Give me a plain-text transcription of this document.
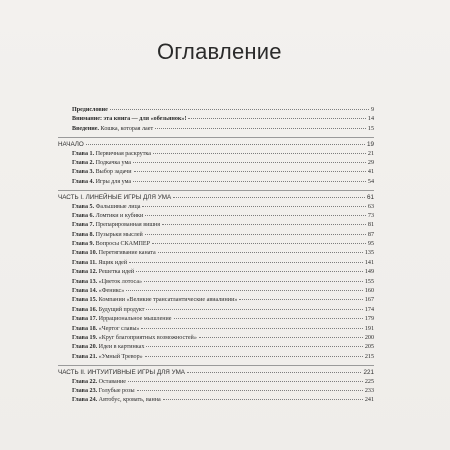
Оглавление
Предисловие	9
Внимание: эта книга — для «обезьянок»!	14
Введение. Кошка, которая лает	15
НАЧАЛО	19
Глава 1. Первичная раскрутка	21
Глава 2. Подкачка ума	29
Глава 3. Выбор задачи	41
Глава 4. Игры для ума	54
ЧАСТЬ I. ЛИНЕЙНЫЕ ИГРЫ ДЛЯ УМА	61
Глава 5. Фальшивые лица	63
Глава 6. Ломтики и кубики	73
Глава 7. Препарированная вишня	81
Глава 8. Пузырьки мыслей	87
Глава 9. Вопросы СКАМПЕР	95
Глава 10. Перетягивание каната	135
Глава 11. Ящик идей	141
Глава 12. Решетка идей	149
Глава 13. «Цветок лотоса»	155
Глава 14. «Феникс»	160
Глава 15. Компании «Великие трансатлантические авиалинии»	167
Глава 16. Будущий продукт	174
Глава 17. Иррациональное мышление	179
Глава 18. «Чертог славы»	191
Глава 19. «Круг благоприятных возможностей»	200
Глава 20. Идеи в картинках	205
Глава 21. «Умный Тревор»	215
ЧАСТЬ II. ИНТУИТИВНЫЕ ИГРЫ ДЛЯ УМА	221
Глава 22. Оставание	225
Глава 23. Голубые розы	233
Глава 24. Автобус, кровать, ванна	241
